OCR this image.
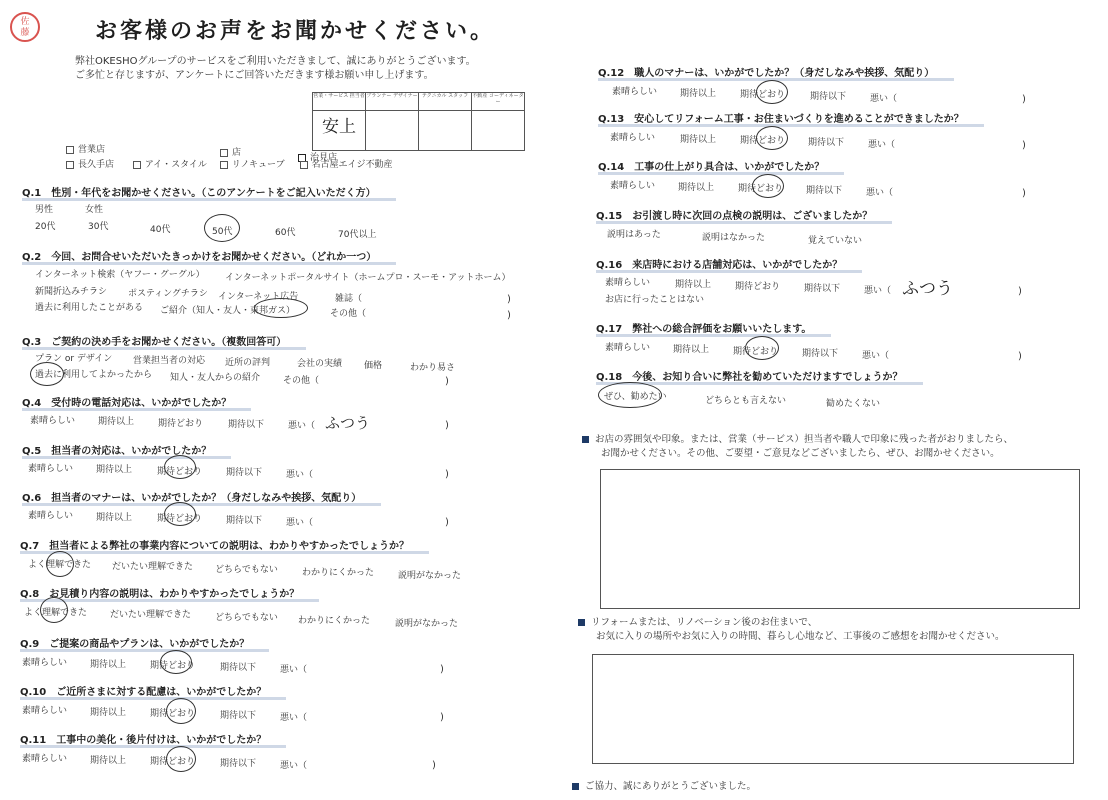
佐
藤	お客様のお声をお聞かせください。
弊社OKESHOグループのサービスをご利用いただきまして、誠にありがとうございます。
ご多忙と存じますが、アンケートにご回答いただきます様お願い申し上げます。
営業・サービス 担当者	プランナー デザイナー	テクニカル スタッフ	不動産 コーディネーター
安上			
営業店	店	治見店
長久手店	アイ・スタイル	リノキューブ	名古屋エイジ不動産
Q.1　性別・年代をお聞かせください。（このアンケートをご記入いただく方）
男性	女性
20代	30代	40代	50代	60代	70代以上
Q.2　今回、お問合せいただいたきっかけをお聞かせください。（どれか一つ）
インターネット検索（ヤフー・グーグル） インターネットポータルサイト（ホームプロ・スーモ・アットホーム）
新聞折込みチラシ ポスティングチラシ インターネット広告	雑誌（	)
過去に利用したことがある ご紹介（知人・友人・東邦ガス）	その他（	)
Q.3　ご契約の決め手をお聞かせください。（複数回答可）
プラン or デザイン 営業担当者の対応 近所の評判	会社の実績 価格	わかり易さ
過去に利用してよかったから 知人・友人からの紹介	その他（	)
Q.4　受付時の電話対応は、いかがでしたか？
素晴らしい	期待以上	期待どおり	期待以下	悪い（ ふつう	)
Q.5　担当者の対応は、いかがでしたか？
素晴らしい	期待以上	期待どおり	期待以下	悪い（	)
Q.6　担当者のマナーは、いかがでしたか？（身だしなみや挨拶、気配り）
素晴らしい	期待以上	期待どおり	期待以下	悪い（	)
Q.7　担当者による弊社の事業内容についての説明は、わかりやすかったでしょうか？
よく理解できた だいたい理解できた どちらでもない	わかりにくかった	説明がなかった
Q.8　お見積り内容の説明は、わかりやすかったでしょうか？
よく理解できた	だいたい理解できた	どちらでもない わかりにくかった	説明がなかった
Q.9　ご提案の商品やプランは、いかがでしたか？
素晴らしい	期待以上	期待どおり	期待以下	悪い（	)
Q.10　ご近所さまに対する配慮は、いかがでしたか？
素晴らしい	期待以上	期待どおり	期待以下	悪い（	)
Q.11　工事中の美化・後片付けは、いかがでしたか？
素晴らしい	期待以上	期待どおり	期待以下	悪い（	)
Q.12　職人のマナーは、いかがでしたか？（身だしなみや挨拶、気配り）
素晴らしい	期待以上	期待どおり	期待以下	悪い（	)
Q.13　安心してリフォーム工事・お住まいづくりを進めることができましたか？
素晴らしい	期待以上	期待どおり	期待以下	悪い（	)
Q.14　工事の仕上がり具合は、いかがでしたか？
素晴らしい	期待以上	期待どおり	期待以下	悪い（	)
Q.15　お引渡し時に次回の点検の説明は、ございましたか？
説明はあった	説明はなかった	覚えていない
Q.16　来店時における店舗対応は、いかがでしたか？
素晴らしい	期待以上	期待どおり	期待以下	悪い（ ふつう	)
お店に行ったことはない
Q.17　弊社への総合評価をお願いいたします。
素晴らしい	期待以上	期待どおり	期待以下	悪い（	)
Q.18　今後、お知り合いに弊社を勧めていただけますでしょうか？
ぜひ、勧めたい	どちらとも言えない	勧めたくない
お店の雰囲気や印象。または、営業（サービス）担当者や職人で印象に残った者がおりましたら、
お聞かせください。その他、ご要望・ご意見などございましたら、ぜひ、お聞かせください。
リフォームまたは、リノベーション後のお住まいで、
お気に入りの場所やお気に入りの時間、暮らし心地など、工事後のご感想をお聞かせください。
ご協力、誠にありがとうございました。
